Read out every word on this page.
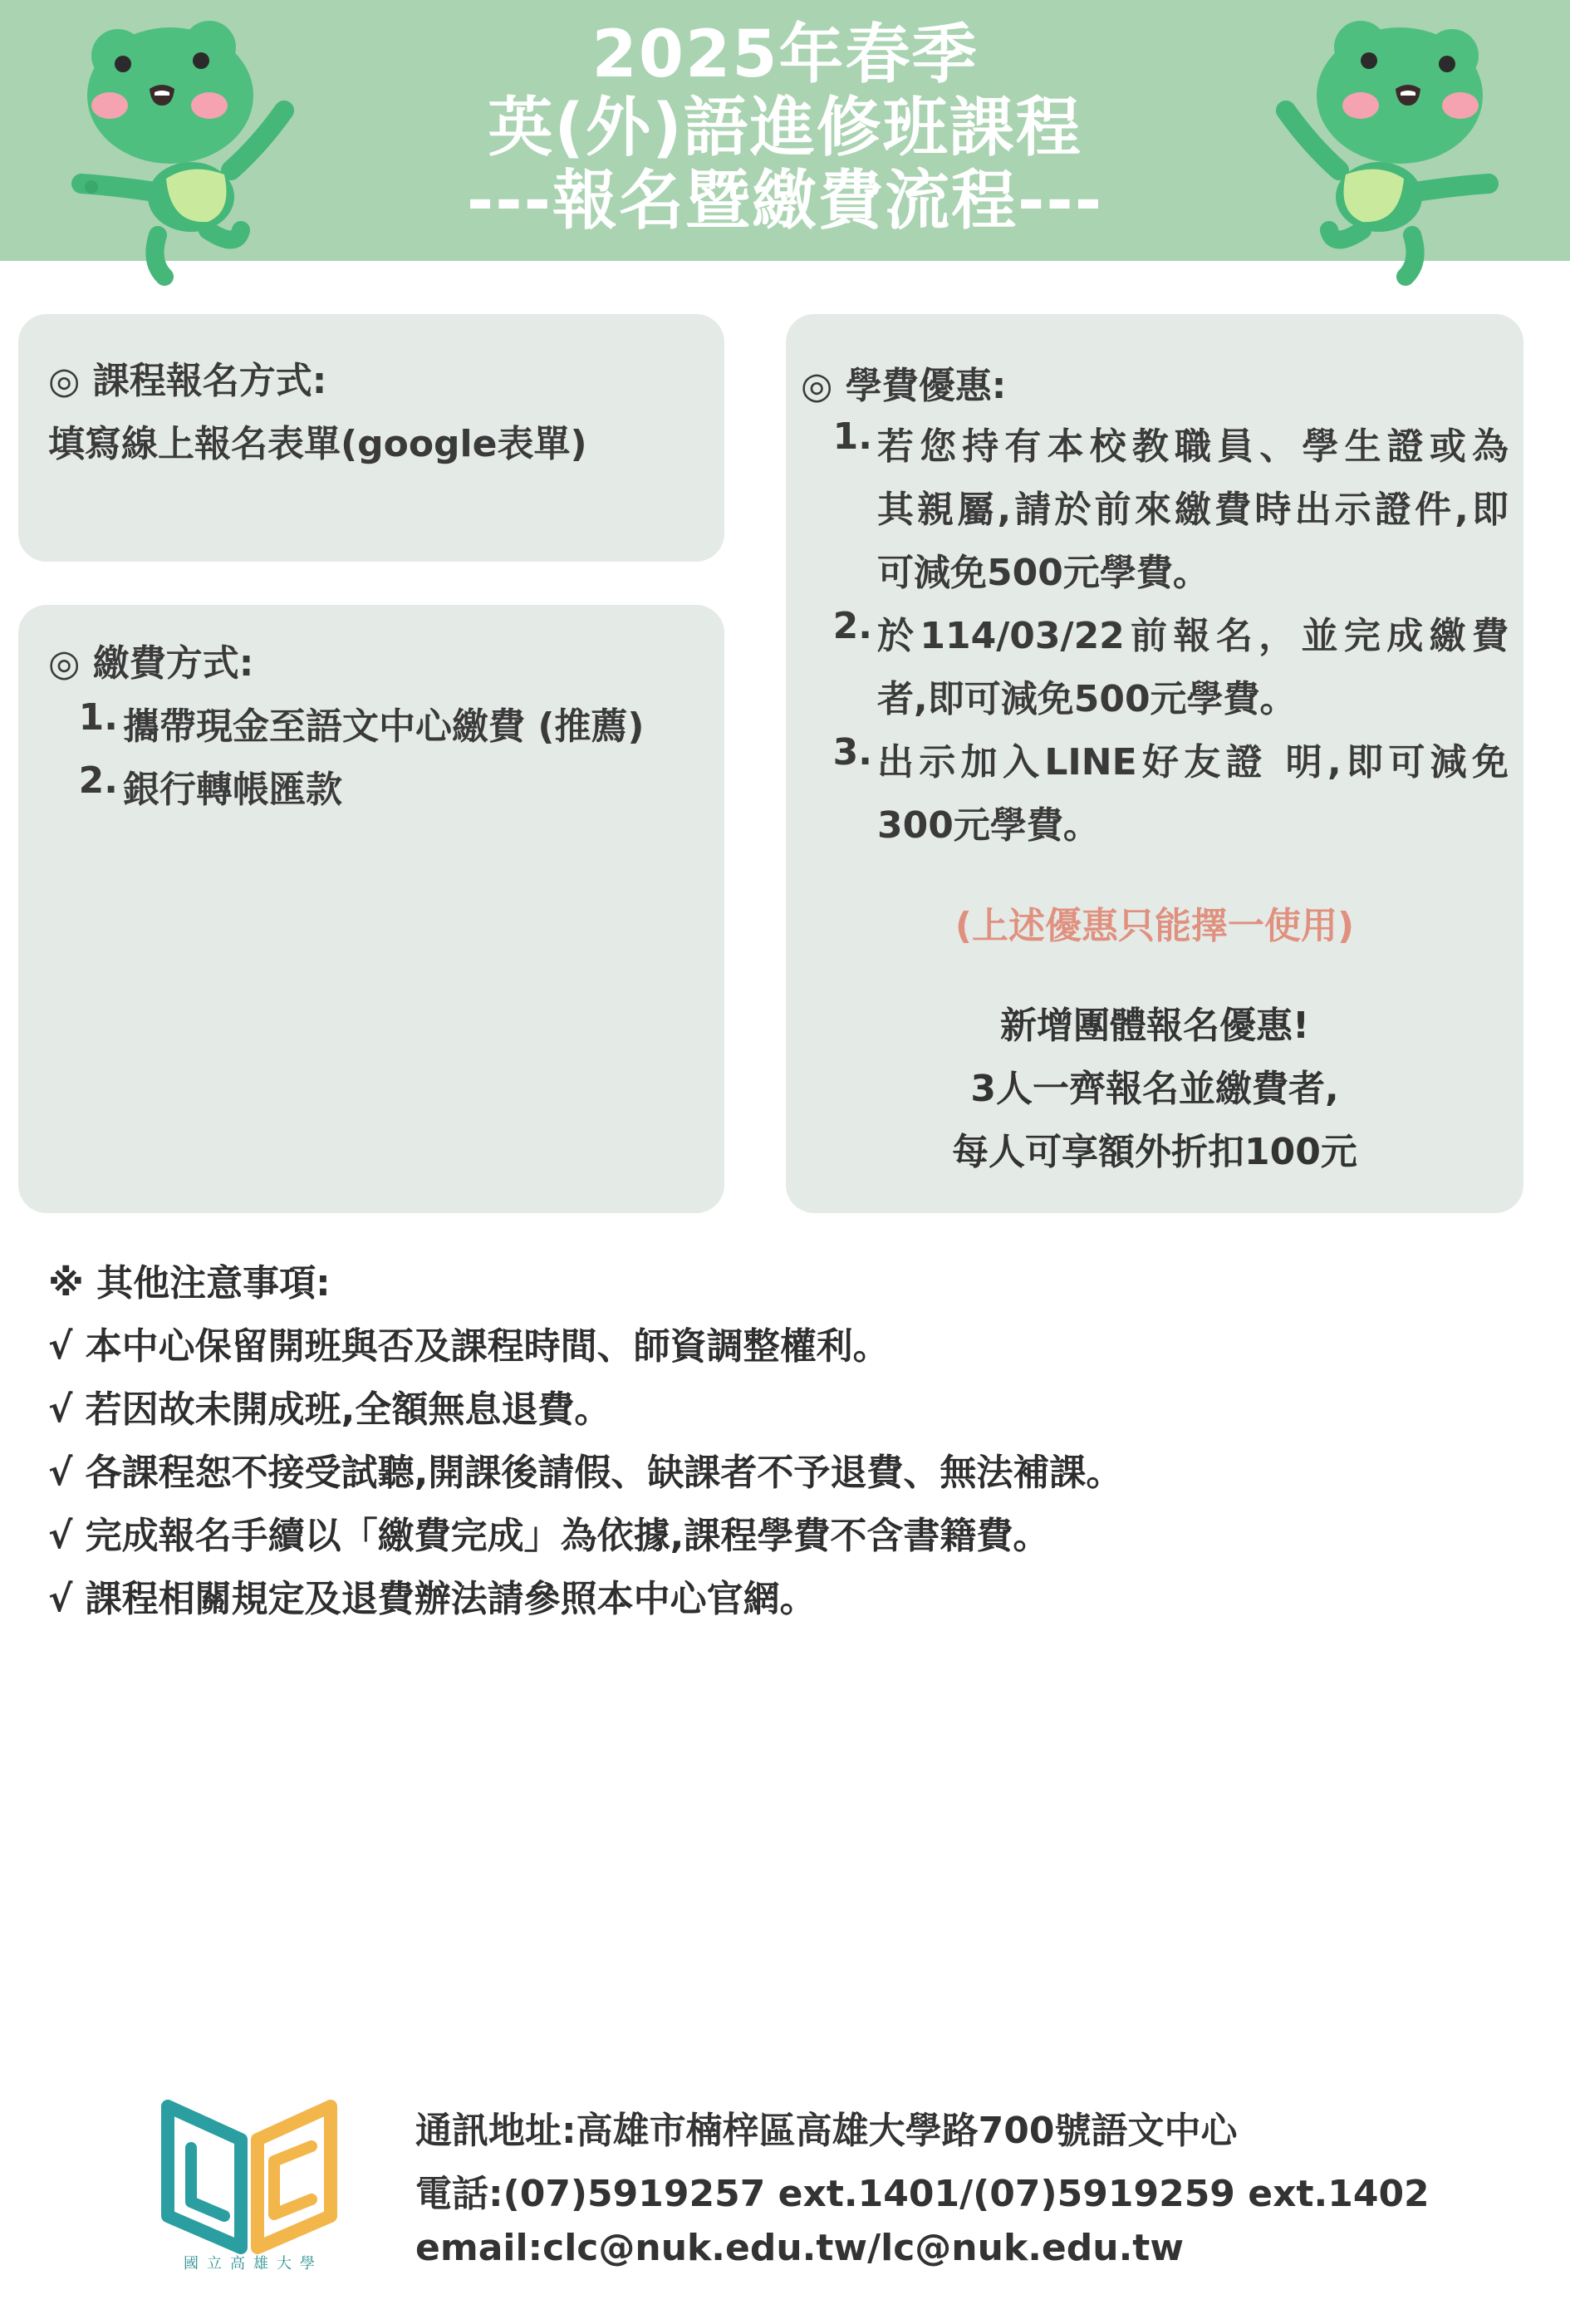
2025年春季
英(外)語進修班課程
---報名暨繳費流程---
◎ 課程報名方式:
填寫線上報名表單(google表單)
◎ 繳費方式:
1. 攜帶現金至語文中心繳費 (推薦)
2. 銀行轉帳匯款
◎ 學費優惠:
1. 若您持有本校教職員、學生證或為
其親屬,請於前來繳費時出示證件,即
可減免500元學費。
2. 於114/03/22前報名，並完成繳費
者,即可減免500元學費。
3. 出示加入LINE好友證 明,即可減免
300元學費。
(上述優惠只能擇一使用)
新增團體報名優惠!
3人一齊報名並繳費者,
每人可享額外折扣100元
※ 其他注意事項:
√ 本中心保留開班與否及課程時間、師資調整權利。
√ 若因故未開成班,全額無息退費。
√ 各課程恕不接受試聽,開課後請假、缺課者不予退費、無法補課。
√ 完成報名手續以「繳費完成」為依據,課程學費不含書籍費。
√ 課程相關規定及退費辦法請參照本中心官網。
國立高雄大學
通訊地址:高雄市楠梓區高雄大學路700號語文中心
電話:(07)5919257 ext.1401/(07)5919259 ext.1402
email:clc@nuk.edu.tw/lc@nuk.edu.tw
